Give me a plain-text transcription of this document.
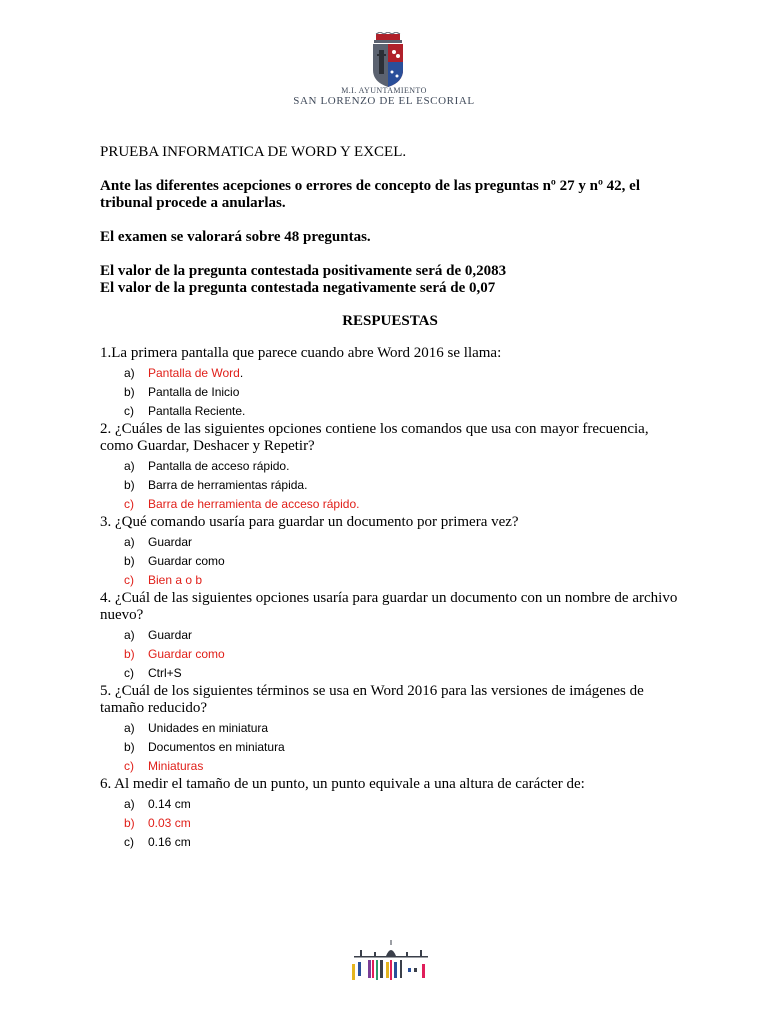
M.I. AYUNTAMIENTO
SAN LORENZO DE EL ESCORIAL

PRUEBA INFORMATICA DE WORD Y EXCEL.

Ante las diferentes acepciones o errores de concepto de las preguntas nº 27 y nº 42, el tribunal procede a anularlas.

El examen se valorará sobre 48 preguntas.

El valor de la pregunta contestada positivamente será de 0,2083

El valor de la pregunta contestada negativamente será de 0,07

RESPUESTAS

1.La primera pantalla que parece cuando abre Word 2016 se llama:

a)	Pantalla de Word .
b)	Pantalla de Inicio
c)	Pantalla Reciente.

2. ¿Cuáles de las siguientes opciones contiene los comandos que usa con mayor frecuencia, como Guardar, Deshacer y Repetir?

a)	Pantalla de acceso rápido.
b)	Barra de herramientas rápida.
c)	Barra de herramienta de acceso rápido.

3. ¿Qué comando usaría para guardar un documento por primera vez?

a)	Guardar
b)	Guardar como
c)	Bien a o b

4. ¿Cuál de las siguientes opciones usaría para guardar un documento con un nombre de archivo nuevo?

a)	Guardar
b)	Guardar como
c)	Ctrl+S

5. ¿Cuál de los siguientes términos se usa en Word 2016 para las versiones de imágenes de tamaño reducido?

a)	Unidades en miniatura
b)	Documentos en miniatura
c)	Miniaturas

6. Al medir el tamaño de un punto, un punto equivale a una altura de carácter de:

a)	0.14 cm
b)	0.03 cm
c)	0.16 cm
